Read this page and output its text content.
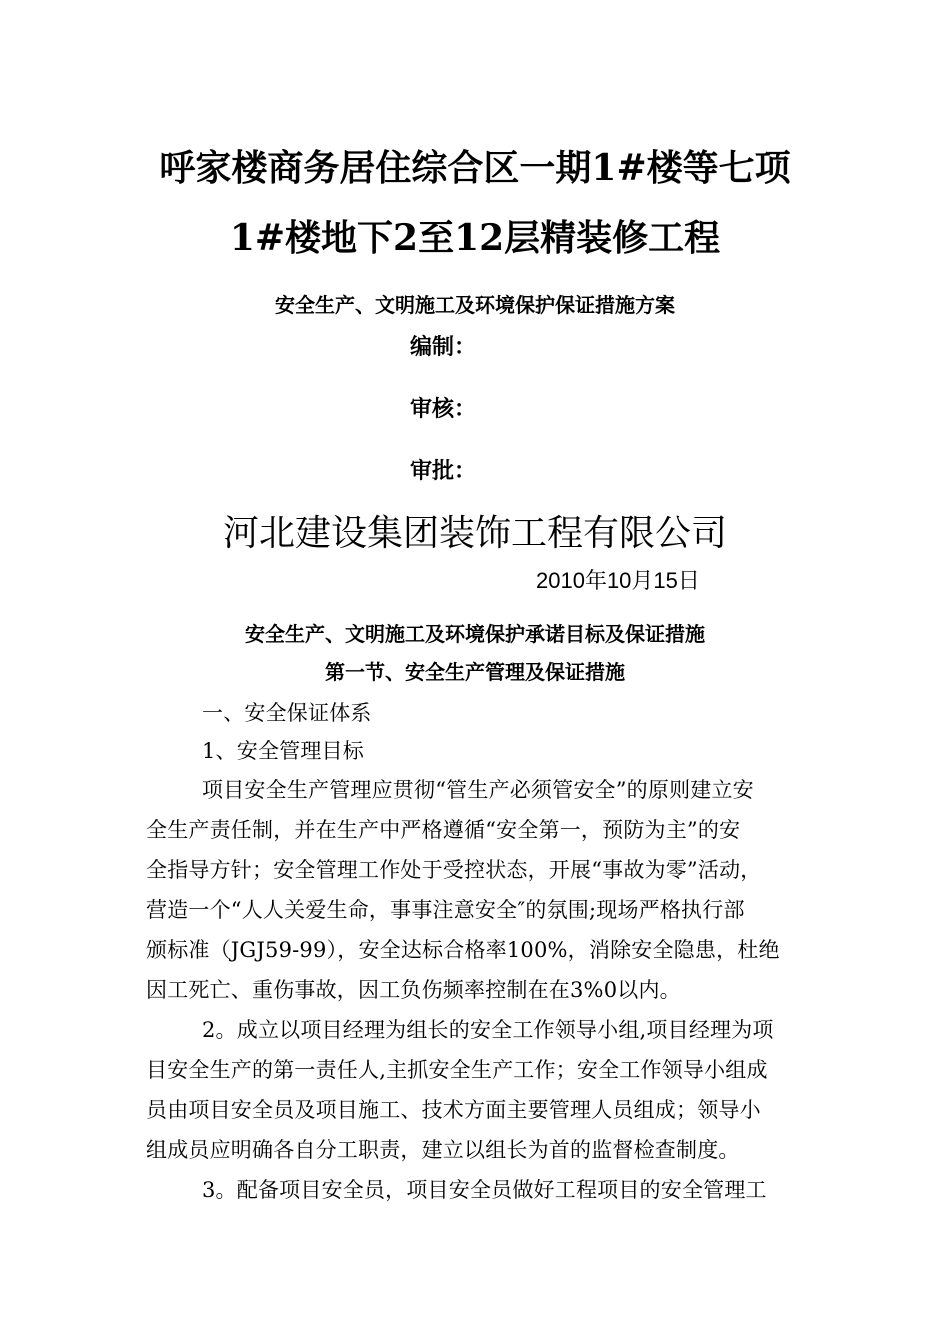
呼家楼商务居住综合区一期1#楼等七项
1#楼地下2至12层精装修工程
安全生产、文明施工及环境保护保证措施方案
编制：
审核：
审批：
河北建设集团装饰工程有限公司
2010年10月15日
安全生产、文明施工及环境保护承诺目标及保证措施
第一节、安全生产管理及保证措施
一、安全保证体系
1、安全管理目标
项目安全生产管理应贯彻“管生产必须管安全”的原则建立安
全生产责任制，并在生产中严格遵循“安全第一，预防为主”的安
全指导方针；安全管理工作处于受控状态，开展“事故为零”活动，
营造一个“人人关爱生命，事事注意安全″的氛围;现场严格执行部
颁标准（JGJ59-99），安全达标合格率100%，消除安全隐患，杜绝
因工死亡、重伤事故，因工负伤频率控制在在3%0以内。
2。成立以项目经理为组长的安全工作领导小组,项目经理为项
目安全生产的第一责任人,主抓安全生产工作；安全工作领导小组成
员由项目安全员及项目施工、技术方面主要管理人员组成；领导小
组成员应明确各自分工职责，建立以组长为首的监督检查制度。
3。配备项目安全员，项目安全员做好工程项目的安全管理工
